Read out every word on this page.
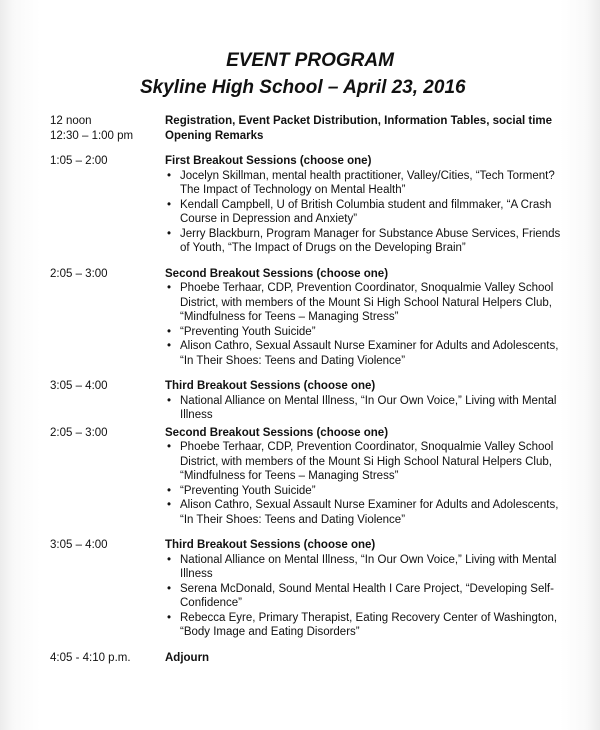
EVENT PROGRAM
Skyline High School – April 23, 2016
12 noon	Registration, Event Packet Distribution, Information Tables, social time
12:30 – 1:00 pm	Opening Remarks
1:05 – 2:00	First Breakout Sessions (choose one)
• Jocelyn Skillman, mental health practitioner, Valley/Cities, “Tech Torment? The Impact of Technology on Mental Health”
• Kendall Campbell, U of British Columbia student and filmmaker, “A Crash Course in Depression and Anxiety”
• Jerry Blackburn, Program Manager for Substance Abuse Services, Friends of Youth, “The Impact of Drugs on the Developing Brain”
2:05 – 3:00	Second Breakout Sessions (choose one)
• Phoebe Terhaar, CDP, Prevention Coordinator, Snoqualmie Valley School District, with members of the Mount Si High School Natural Helpers Club, “Mindfulness for Teens – Managing Stress”
• “Preventing Youth Suicide”
• Alison Cathro, Sexual Assault Nurse Examiner for Adults and Adolescents, “In Their Shoes: Teens and Dating Violence”
3:05 – 4:00	Third Breakout Sessions (choose one)
• National Alliance on Mental Illness, “In Our Own Voice,” Living with Mental Illness
2:05 – 3:00	Second Breakout Sessions (choose one)
• Phoebe Terhaar, CDP, Prevention Coordinator, Snoqualmie Valley School District, with members of the Mount Si High School Natural Helpers Club, “Mindfulness for Teens – Managing Stress”
• “Preventing Youth Suicide”
• Alison Cathro, Sexual Assault Nurse Examiner for Adults and Adolescents, “In Their Shoes: Teens and Dating Violence”
3:05 – 4:00	Third Breakout Sessions (choose one)
• National Alliance on Mental Illness, “In Our Own Voice,” Living with Mental Illness
• Serena McDonald, Sound Mental Health I Care Project, “Developing Self-Confidence”
• Rebecca Eyre, Primary Therapist, Eating Recovery Center of Washington, “Body Image and Eating Disorders”
4:05 - 4:10 p.m.	Adjourn
